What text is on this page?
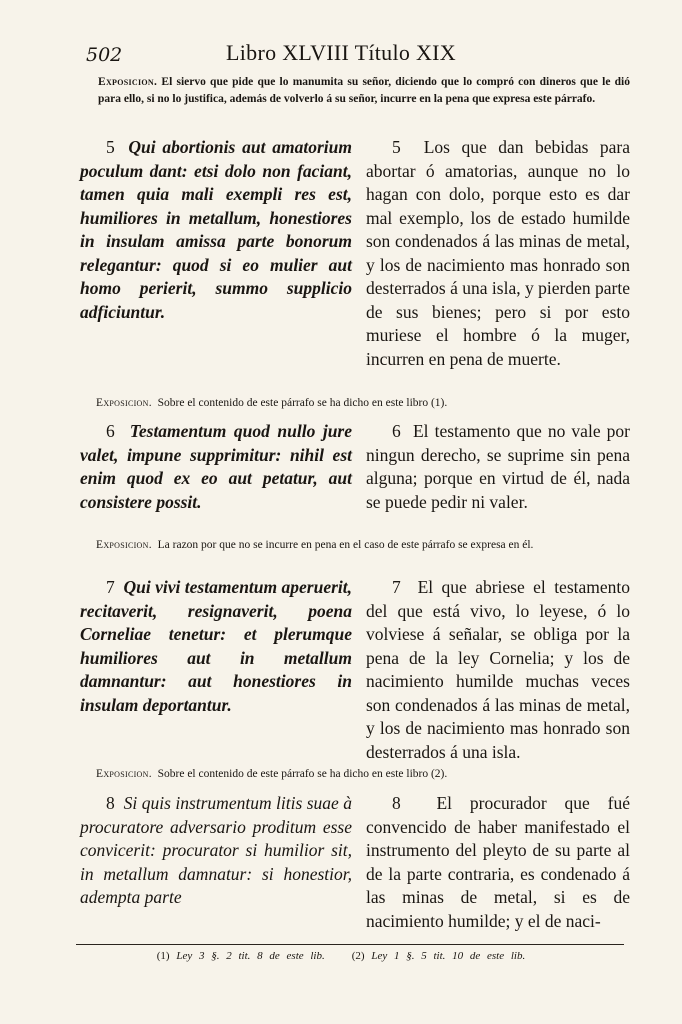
502	Libro XLVIII Título XIX
Exposicion. El siervo que pide que lo manumita su señor, diciendo que lo compró con dineros que le dió para ello, si no lo justifica, además de volverlo á su señor, incurre en la pena que expresa este párrafo.
5 Qui abortionis aut amatorium poculum dant: etsi dolo non faciant, tamen quia mali exempli res est, humiliores in metallum, honestiores in insulam amissa parte bonorum relegantur: quod si eo mulier aut homo perierit, summo supplicio adficiuntur.
5 Los que dan bebidas para abortar ó amatorias, aunque no lo hagan con dolo, porque esto es dar mal exemplo, los de estado humilde son condenados á las minas de metal, y los de nacimiento mas honrado son desterrados á una isla, y pierden parte de sus bienes; pero si por esto muriese el hombre ó la muger, incurren en pena de muerte.
Exposicion. Sobre el contenido de este párrafo se ha dicho en este libro (1).
6 Testamentum quod nullo jure valet, impune supprimitur: nihil est enim quod ex eo aut petatur, aut consistere possit.
6 El testamento que no vale por ningun derecho, se suprime sin pena alguna; porque en virtud de él, nada se puede pedir ni valer.
Exposicion. La razon por que no se incurre en pena en el caso de este párrafo se expresa en él.
7 Qui vivi testamentum aperuerit, recitaverit, resignaverit, poena Corneliae tenetur: et plerumque humiliores aut in metallum damnantur: aut honestiores in insulam deportantur.
7 El que abriese el testamento del que está vivo, lo leyese, ó lo volviese á señalar, se obliga por la pena de la ley Cornelia; y los de nacimiento humilde muchas veces son condenados á las minas de metal, y los de nacimiento mas honrado son desterrados á una isla.
Exposicion. Sobre el contenido de este párrafo se ha dicho en este libro (2).
8 Si quis instrumentum litis suae à procuratore adversario proditum esse convicerit: procurator si humilior sit, in metallum damnatur: si honestior, adempta parte
8 El procurador que fué convencido de haber manifestado el instrumento del pleyto de su parte al de la parte contraria, es condenado á las minas de metal, si es de nacimiento humilde; y el de naci-
(1) Ley 3 §. 2 tit. 8 de este lib. (2) Ley 1 §. 5 tit. 10 de este lib.
